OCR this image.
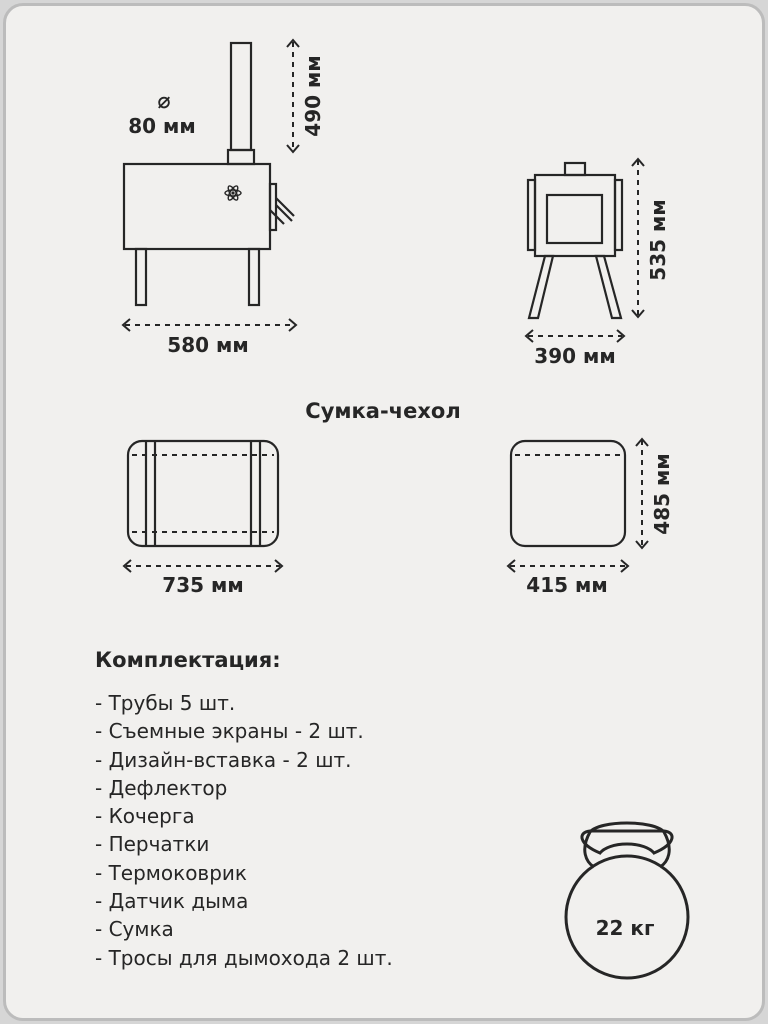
490 мм
⌀
80 мм
580 мм
535 мм
390 мм
Сумка-чехол
735 мм
485 мм
415 мм
22 кг
Комплектация:
- Трубы 5 шт.
- Съемные экраны - 2 шт.
- Дизайн-вставка - 2 шт.
- Дефлектор
- Кочерга
- Перчатки
- Термоковрик
- Датчик дыма
- Сумка
- Тросы для дымохода 2 шт.
